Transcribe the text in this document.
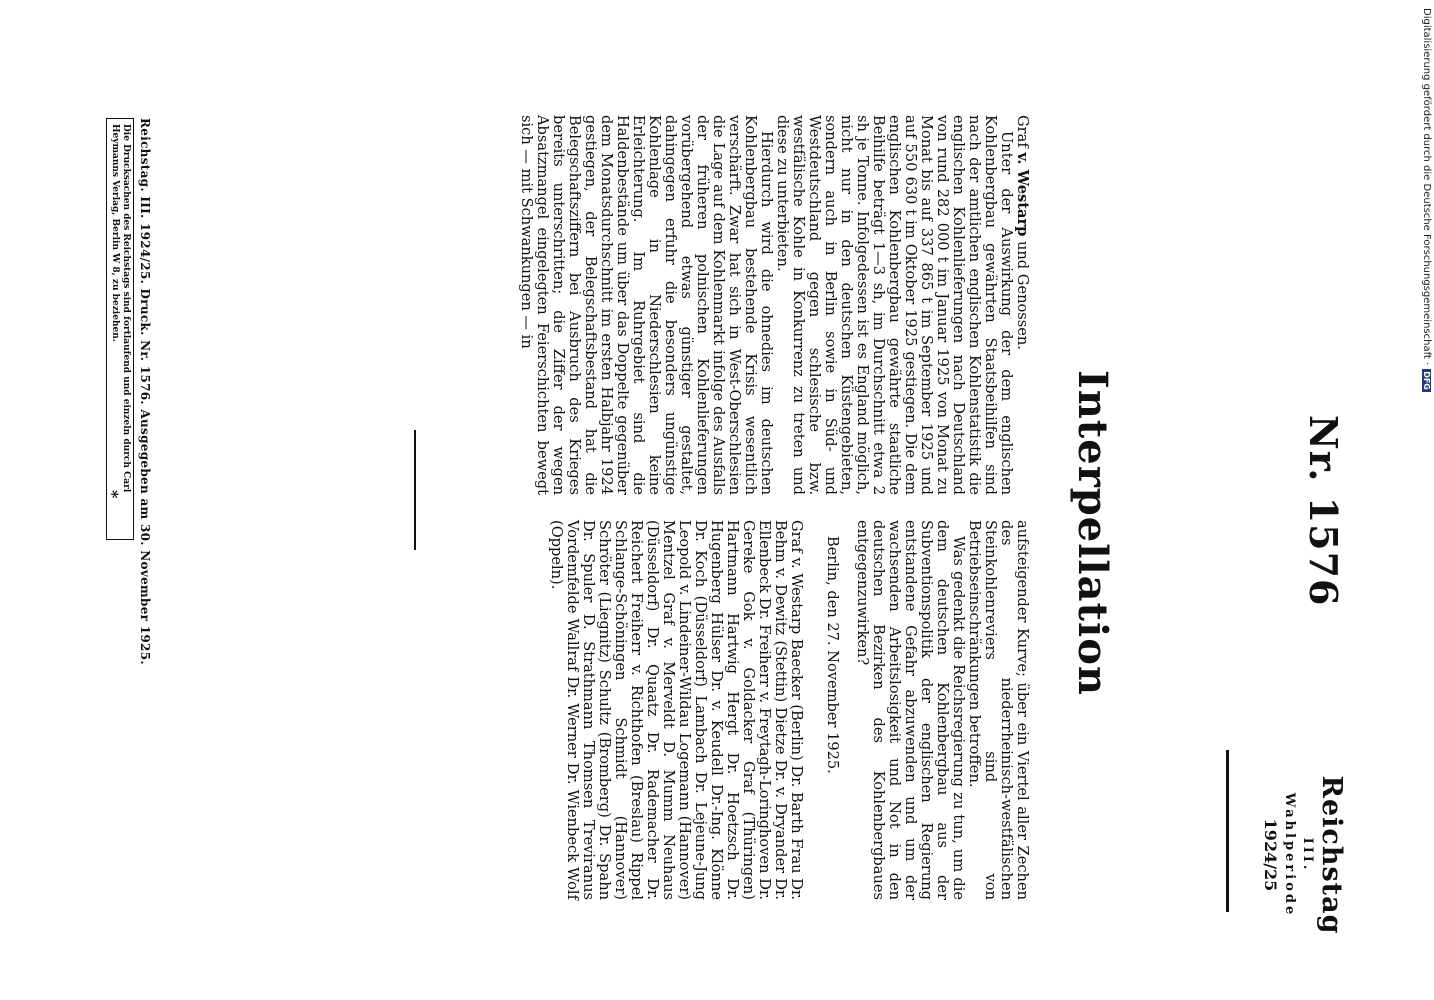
Nr. 1576
Reichstag
III. Wahlperiode
1924/25
Interpellation

Graf v. Westarp und Genossen.

Unter der Auswirkung der dem englischen Kohlenbergbau gewährten Staatsbeihilfen sind nach der amtlichen englischen Kohlenstatistik die englischen Kohlenlieferungen nach Deutschland von rund 282 000 t im Januar 1925 von Monat zu Monat bis auf 337 865 t im September 1925 und auf 550 630 t im Oktober 1925 gestiegen. Die dem englischen Kohlenbergbau gewährte staatliche Beihilfe beträgt 1—3 sh, im Durchschnitt etwa 2 sh je Tonne. Infolgedessen ist es England möglich, nicht nur in den deutschen Küstengebieten, sondern auch in Berlin sowie in Süd- und Westdeutschland gegen schlesische bzw. westfälische Kohle in Konkurrenz zu treten und diese zu unterbieten.

Hierdurch wird die ohnedies im deutschen Kohlenbergbau bestehende Krisis wesentlich verschärft. Zwar hat sich in West-Oberschlesien die Lage auf dem Kohlenmarkt infolge des Ausfalls der früheren polnischen Kohlenlieferungen vorübergehend etwas günstiger gestaltet, dahingegen erfuhr die besonders ungünstige Kohlenlage in Niederschlesien keine Erleichterung. Im Ruhrgebiet sind die Haldenbestände um über das Doppelte gegenüber dem Monatsdurchschnitt im ersten Halbjahr 1924 gestiegen, der Belegschaftsbestand hat die Belegschaftsziffern bei Ausbruch des Krieges bereits unterschritten; die Ziffer der wegen Absatzmangel eingelegten Feierschichten bewegt sich — mit Schwankungen — in

aufsteigender Kurve; über ein Viertel aller Zechen des niederrheinisch-westfälischen Steinkohlenreviers sind von Betriebseinschränkungen betroffen.

Was gedenkt die Reichsregierung zu tun, um die dem deutschen Kohlenbergbau aus der Subventionspolitik der englischen Regierung entstandene Gefahr abzuwenden und um der wachsenden Arbeitslosigkeit und Not in den deutschen Bezirken des Kohlenbergbaues entgegenzuwirken?

Berlin, den 27. November 1925.

Graf v. Westarp Baecker (Berlin) Dr. Barth Frau Dr. Behm v. Dewitz (Stettin) Dietze Dr. v. Dryander Dr. Ellenbeck Dr. Freiherr v. Freytagh-Loringhoven Dr. Gereke Gok v. Goldacker Graf (Thüringen) Hartmann Hartwig Hergt Dr. Hoetzsch Dr. Hugenberg Hülser Dr. v. Keudell Dr.-Ing. Klönne Dr. Koch (Düsseldorf) Lambach Dr. Lejeune-Jung Leopold v. Lindeiner-Wildau Logemann (Hannover) Mentzel Graf v. Merveldt D. Mumm Neuhaus (Düsseldorf) Dr. Quaatz Dr. Rademacher Dr. Reichert Freiherr v. Richthofen (Breslau) Rippel Schlange-Schöningen Schmidt (Hannover) Schröter (Liegnitz) Schultz (Bromberg) Dr. Spahn Dr. Spuler D. Strathmann Thomsen Treviranus Vordemfelde Wallraf Dr. Werner Dr. Wienbeck Wolf (Oppeln).

* Reichstag. III. 1924/25. Druck. Nr. 1576. Ausgegeben am 30. November 1925.
Die Drucksachen des Reichstags sind fortlaufend und einzeln durch Carl Heymanns Verlag, Berlin W 8, zu beziehen.	Digitalisierung gefördert durch die Deutsche Forschungsgemeinschaft ·
DFG
